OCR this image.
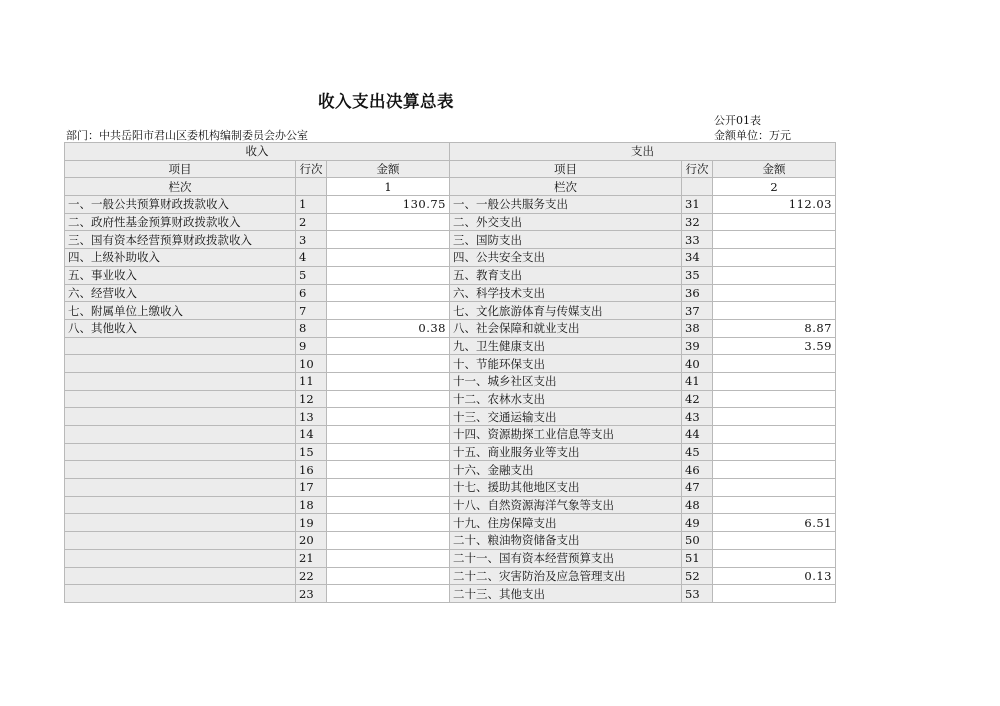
收入支出决算总表
公开01表
部门：中共岳阳市君山区委机构编制委员会办公室	金额单位：万元
收入			支出		
项目	行次	金额	项目	行次	金额
栏次		1	栏次		2
一、一般公共预算财政拨款收入	1	130.75	一、一般公共服务支出	31	112.03
二、政府性基金预算财政拨款收入	2		二、外交支出	32	
三、国有资本经营预算财政拨款收入	3		三、国防支出	33	
四、上级补助收入	4		四、公共安全支出	34	
五、事业收入	5		五、教育支出	35	
六、经营收入	6		六、科学技术支出	36	
七、附属单位上缴收入	7		七、文化旅游体育与传媒支出	37	
八、其他收入	8	0.38	八、社会保障和就业支出	38	8.87
	9		九、卫生健康支出	39	3.59
	10		十、节能环保支出	40	
	11		十一、城乡社区支出	41	
	12		十二、农林水支出	42	
	13		十三、交通运输支出	43	
	14		十四、资源勘探工业信息等支出	44	
	15		十五、商业服务业等支出	45	
	16		十六、金融支出	46	
	17		十七、援助其他地区支出	47	
	18		十八、自然资源海洋气象等支出	48	
	19		十九、住房保障支出	49	6.51
	20		二十、粮油物资储备支出	50	
	21		二十一、国有资本经营预算支出	51	
	22		二十二、灾害防治及应急管理支出	52	0.13
	23		二十三、其他支出	53	
